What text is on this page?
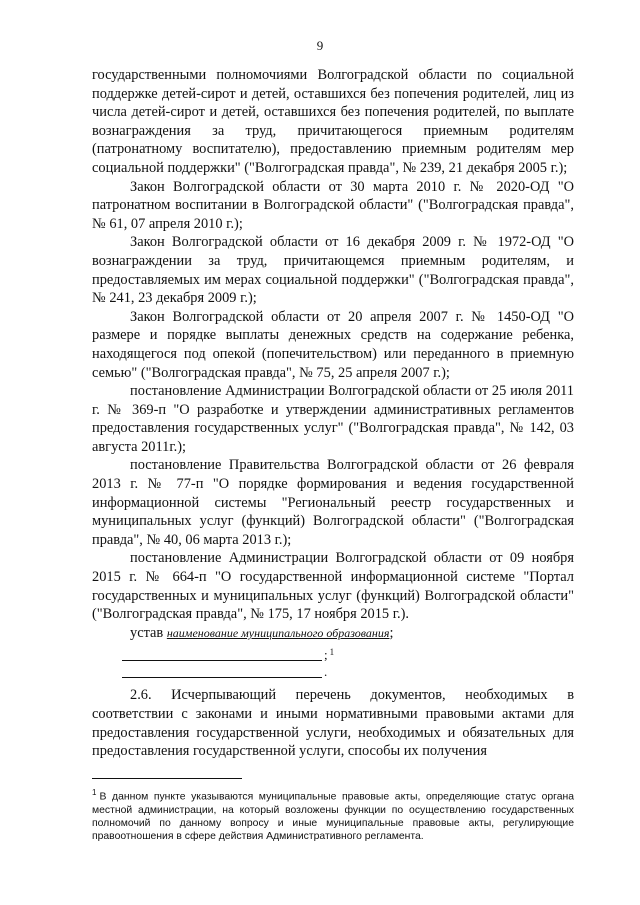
9

государственными полномочиями Волгоградской области по социальной поддержке детей-сирот и детей, оставшихся без попечения родителей, лиц из числа детей-сирот и детей, оставшихся без попечения родителей, по выплате вознаграждения за труд, причитающегося приемным родителям (патронатному воспитателю), предоставлению приемным родителям мер социальной поддержки" ("Волгоградская правда", № 239, 21 декабря 2005 г.);

Закон Волгоградской области от 30 марта 2010 г. № 2020-ОД "О патронатном воспитании в Волгоградской области" ("Волгоградская правда", № 61, 07 апреля 2010 г.);

Закон Волгоградской области от 16 декабря 2009 г. № 1972-ОД "О вознаграждении за труд, причитающемся приемным родителям, и предоставляемых им мерах социальной поддержки" ("Волгоградская правда", № 241, 23 декабря 2009 г.);

Закон Волгоградской области от 20 апреля 2007 г. № 1450-ОД "О размере и порядке выплаты денежных средств на содержание ребенка, находящегося под опекой (попечительством) или переданного в приемную семью" ("Волгоградская правда", № 75, 25 апреля 2007 г.);

постановление Администрации Волгоградской области от 25 июля 2011 г. № 369-п "О разработке и утверждении административных регламентов предоставления государственных услуг" ("Волгоградская правда", № 142, 03 августа 2011г.);

постановление Правительства Волгоградской области от 26 февраля 2013 г. № 77-п "О порядке формирования и ведения государственной информационной системы "Региональный реестр государственных и муниципальных услуг (функций) Волгоградской области" ("Волгоградская правда", № 40, 06 марта 2013 г.);

постановление Администрации Волгоградской области от 09 ноября 2015 г. № 664-п "О государственной информационной системе "Портал государственных и муниципальных услуг (функций) Волгоградской области" ("Волгоградская правда", № 175, 17 ноября 2015 г.).

устав наименование муниципального образования;

; 1
.

2.6. Исчерпывающий перечень документов, необходимых в соответствии с законами и иными нормативными правовыми актами для предоставления государственной услуги, необходимых и обязательных для предоставления государственной услуги, способы их получения

$^1$ В данном пункте указываются муниципальные правовые акты, определяющие статус органа местной администрации, на который возложены функции по осуществлению государственных полномочий по данному вопросу и иные муниципальные правовые акты, регулирующие правоотношения в сфере действия Административного регламента.
